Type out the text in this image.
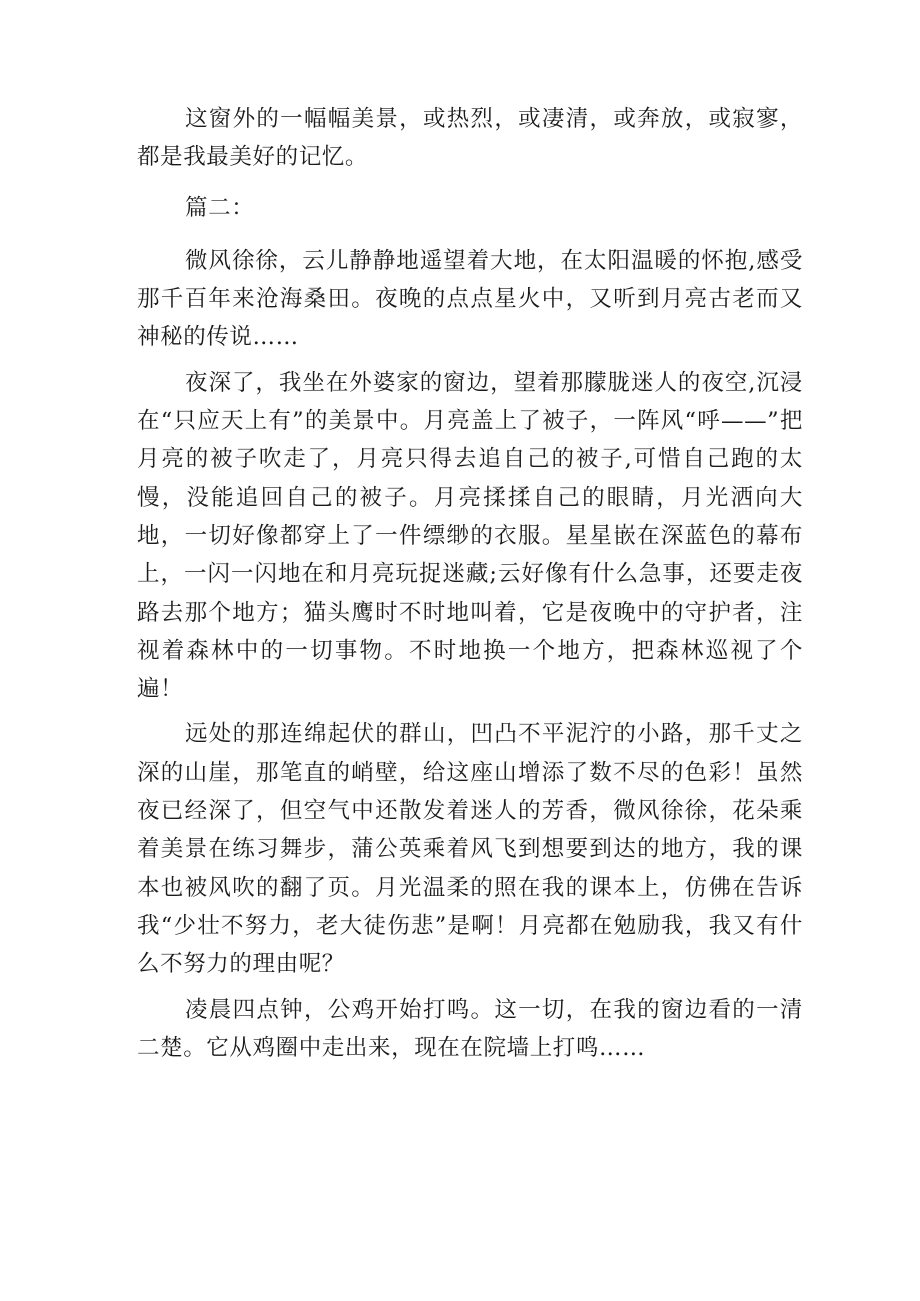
这窗外的一幅幅美景，或热烈，或凄清，或奔放，或寂寥，都是我最美好的记忆。

篇二：

微风徐徐，云儿静静地遥望着大地，在太阳温暖的怀抱,感受那千百年来沧海桑田。夜晚的点点星火中，又听到月亮古老而又神秘的传说……

夜深了，我坐在外婆家的窗边，望着那朦胧迷人的夜空,沉浸在“只应天上有”的美景中。月亮盖上了被子，一阵风“呼——”把月亮的被子吹走了，月亮只得去追自己的被子,可惜自己跑的太慢，没能追回自己的被子。月亮揉揉自己的眼睛，月光洒向大地，一切好像都穿上了一件缥缈的衣服。星星嵌在深蓝色的幕布上，一闪一闪地在和月亮玩捉迷藏;云好像有什么急事，还要走夜路去那个地方；猫头鹰时不时地叫着，它是夜晚中的守护者，注视着森林中的一切事物。不时地换一个地方，把森林巡视了个遍！

远处的那连绵起伏的群山，凹凸不平泥泞的小路，那千丈之深的山崖，那笔直的峭壁，给这座山增添了数不尽的色彩！虽然夜已经深了，但空气中还散发着迷人的芳香，微风徐徐，花朵乘着美景在练习舞步，蒲公英乘着风飞到想要到达的地方，我的课本也被风吹的翻了页。月光温柔的照在我的课本上，仿佛在告诉我“少壮不努力，老大徒伤悲”是啊！月亮都在勉励我，我又有什么不努力的理由呢？

凌晨四点钟，公鸡开始打鸣。这一切，在我的窗边看的一清二楚。它从鸡圈中走出来，现在在院墙上打鸣……
